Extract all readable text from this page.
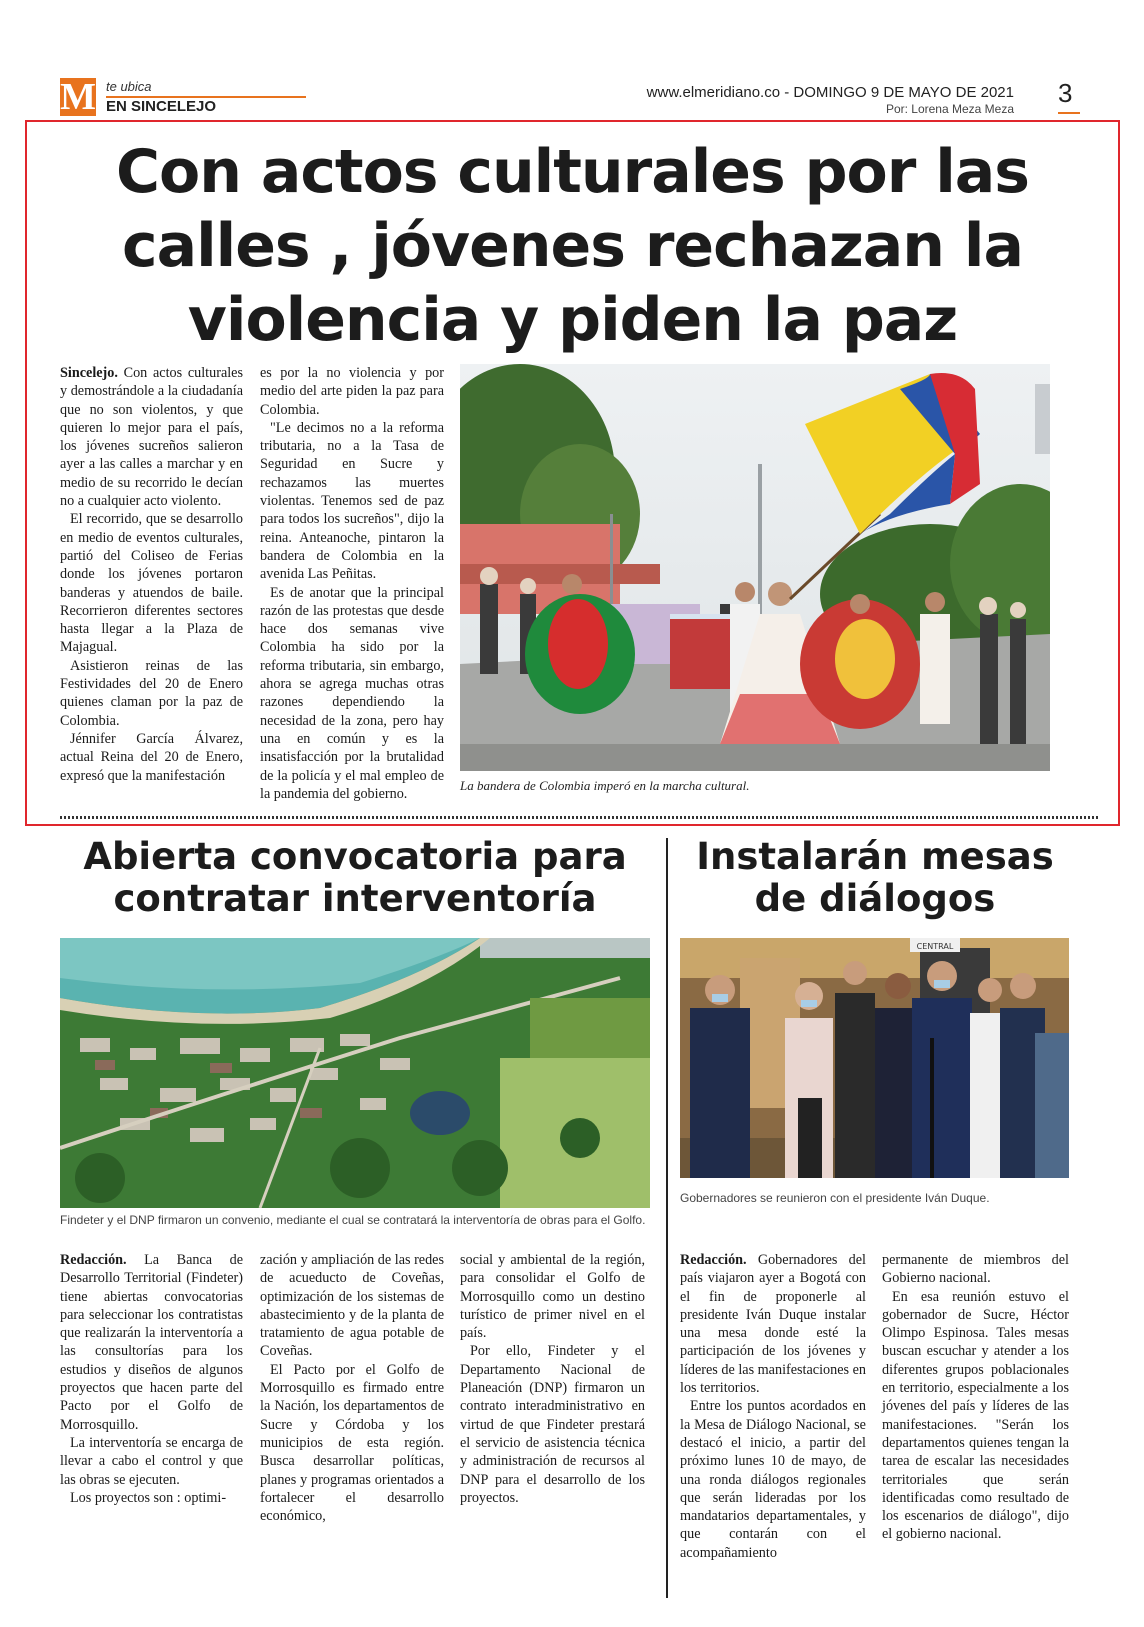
M te ubica
EN SINCELEJO
www.elmeridiano.co - DOMINGO 9 DE MAYO DE 2021
Por: Lorena Meza Meza
3
Con actos culturales por las calles , jóvenes rechazan la violencia y piden la paz

Sincelejo. Con actos culturales y demostrándole a la ciudadanía que no son violentos, y que quieren lo mejor para el país, los jóvenes sucreños salieron ayer a las calles a marchar y en medio de su recorrido le decían no a cualquier acto violento.

El recorrido, que se desarrollo en medio de eventos culturales, partió del Coliseo de Ferias donde los jóvenes portaron banderas y atuendos de baile. Recorrieron diferentes sectores hasta llegar a la Plaza de Majagual.

Asistieron reinas de las Festividades del 20 de Enero quienes claman por la paz de Colombia.

Jénnifer García Álvarez, actual Reina del 20 de Enero, expresó que la manifestación

es por la no violencia y por medio del arte piden la paz para Colombia.

"Le decimos no a la reforma tributaria, no a la Tasa de Seguridad en Sucre y rechazamos las muertes violentas. Tenemos sed de paz para todos los sucreños", dijo la reina. Anteanoche, pintaron la bandera de Colombia en la avenida Las Peñitas.

Es de anotar que la principal razón de las protestas que desde hace dos semanas vive Colombia ha sido por la reforma tributaria, sin embargo, ahora se agrega muchas otras razones dependiendo la necesidad de la zona, pero hay una en común y es la insatisfacción por la brutalidad de la policía y el mal empleo de la pandemia del gobierno.

La bandera de Colombia imperó en la marcha cultural.
Abierta convocatoria para contratar interventoría
Findeter y el DNP firmaron un convenio, mediante el cual se contratará la interventoría de obras para el Golfo.

Redacción. La Banca de Desarrollo Territorial (Findeter) tiene abiertas convocatorias para seleccionar los contratistas que realizarán la interventoría a las consultorías para los estudios y diseños de algunos proyectos que hacen parte del Pacto por el Golfo de Morrosquillo.

La interventoría se encarga de llevar a cabo el control y que las obras se ejecuten.

Los proyectos son : optimi-

zación y ampliación de las redes de acueducto de Coveñas, optimización de los sistemas de abastecimiento y de la planta de tratamiento de agua potable de Coveñas.

El Pacto por el Golfo de Morrosquillo es firmado entre la Nación, los departamentos de Sucre y Córdoba y los municipios de esta región. Busca desarrollar políticas, planes y programas orientados a fortalecer el desarrollo económico,

social y ambiental de la región, para consolidar el Golfo de Morrosquillo como un destino turístico de primer nivel en el país.

Por ello, Findeter y el Departamento Nacional de Planeación (DNP) firmaron un contrato interadministrativo en virtud de que Findeter prestará el servicio de asistencia técnica y administración de recursos al DNP para el desarrollo de los proyectos.

Instalarán mesas de diálogos
CENTRAL
Gobernadores se reunieron con el presidente Iván Duque.

Redacción. Gobernadores del país viajaron ayer a Bogotá con el fin de proponerle al presidente Iván Duque instalar una mesa donde esté la participación de los jóvenes y líderes de las manifestaciones en los territorios.

Entre los puntos acordados en la Mesa de Diálogo Nacional, se destacó el inicio, a partir del próximo lunes 10 de mayo, de una ronda diálogos regionales que serán lideradas por los mandatarios departamentales, y que contarán con el acompañamiento

permanente de miembros del Gobierno nacional.

En esa reunión estuvo el gobernador de Sucre, Héctor Olimpo Espinosa. Tales mesas buscan escuchar y atender a los diferentes grupos poblacionales en territorio, especialmente a los jóvenes del país y líderes de las manifestaciones. "Serán los departamentos quienes tengan la tarea de escalar las necesidades territoriales que serán identificadas como resultado de los escenarios de diálogo", dijo el gobierno nacional.
